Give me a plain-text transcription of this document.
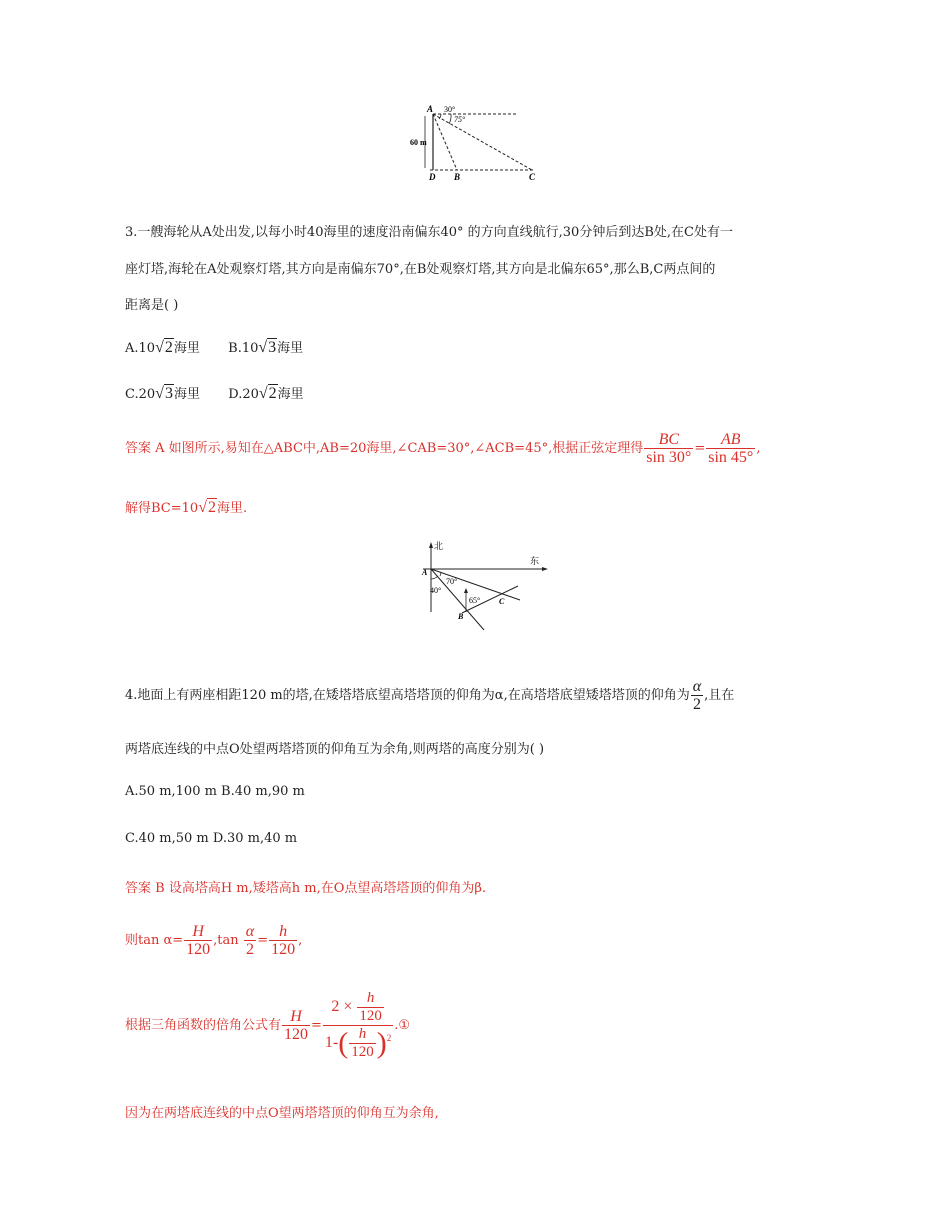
A 30°
75°
60 m
D B	C
3.一艘海轮从A处出发,以每小时40海里的速度沿南偏东40° 的方向直线航行,30分钟后到达B处,在C处有一
座灯塔,海轮在A处观察灯塔,其方向是南偏东70°,在B处观察灯塔,其方向是北偏东65°,那么B,C两点间的
距离是( )
A.10√2海里 B.10√3海里
C.20√3海里 D.20√2海里
答案 A 如图所示,易知在△ABC中,AB=20海里,∠CAB=30°,∠ACB=45°,根据正弦定理得 $\frac{BC}{\sin 30^\circ} = \frac{AB}{\sin 45^\circ}$ ,
解得BC=10√2海里.
北
东
A
70°
40°
65° C
B
4.地面上有两座相距120 m的塔,在矮塔塔底望高塔塔顶的仰角为α,在高塔塔底望矮塔塔顶的仰角为 $\frac{\alpha}{2}$ ,且在
两塔底连线的中点O处望两塔塔顶的仰角互为余角,则两塔的高度分别为( )
A.50 m,100 m B.40 m,90 m
C.40 m,50 m D.30 m,40 m
答案 B 设高塔高H m,矮塔高h m,在O点望高塔塔顶的仰角为β.
则$\tan \alpha= \frac{H}{120} ,\tan \frac{\alpha}{2} = \frac{h}{120}$ ,
根据三角函数的倍角公式有 $\frac{H}{120} = \frac{2 \times \frac{h}{120}}{1-( \frac{h}{120} )^2}$ .①
因为在两塔底连线的中点O望两塔塔顶的仰角互为余角,
